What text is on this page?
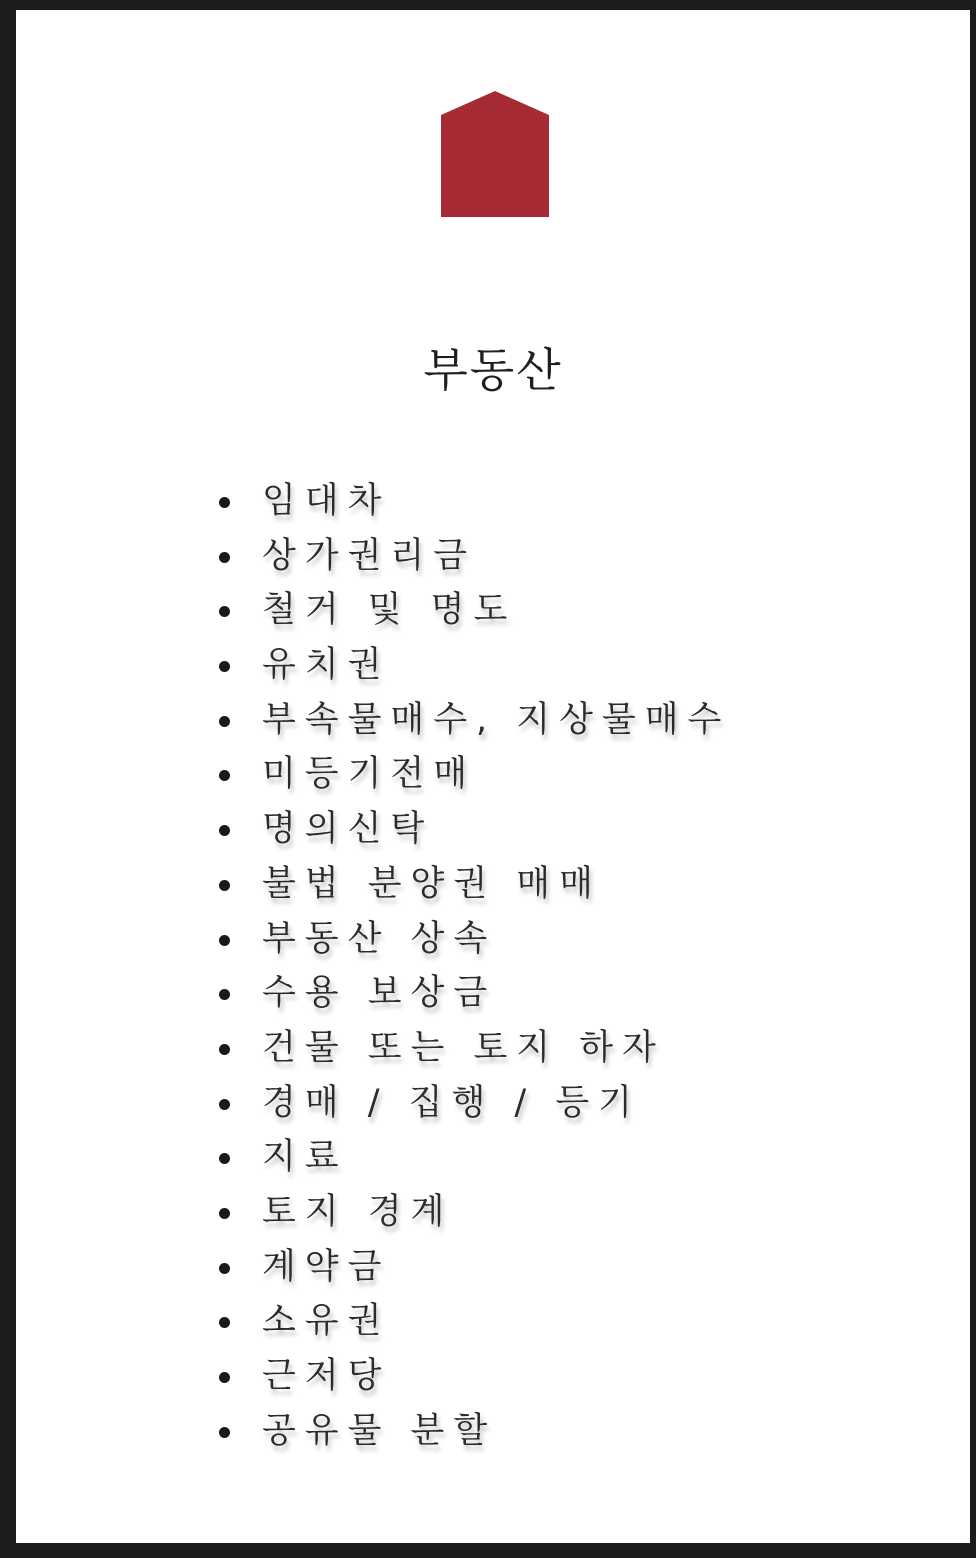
부동산
임대차
상가권리금
철거 및 명도
유치권
부속물매수, 지상물매수
미등기전매
명의신탁
불법 분양권 매매
부동산 상속
수용 보상금
건물 또는 토지 하자
경매 / 집행 / 등기
지료
토지 경계
계약금
소유권
근저당
공유물 분할
